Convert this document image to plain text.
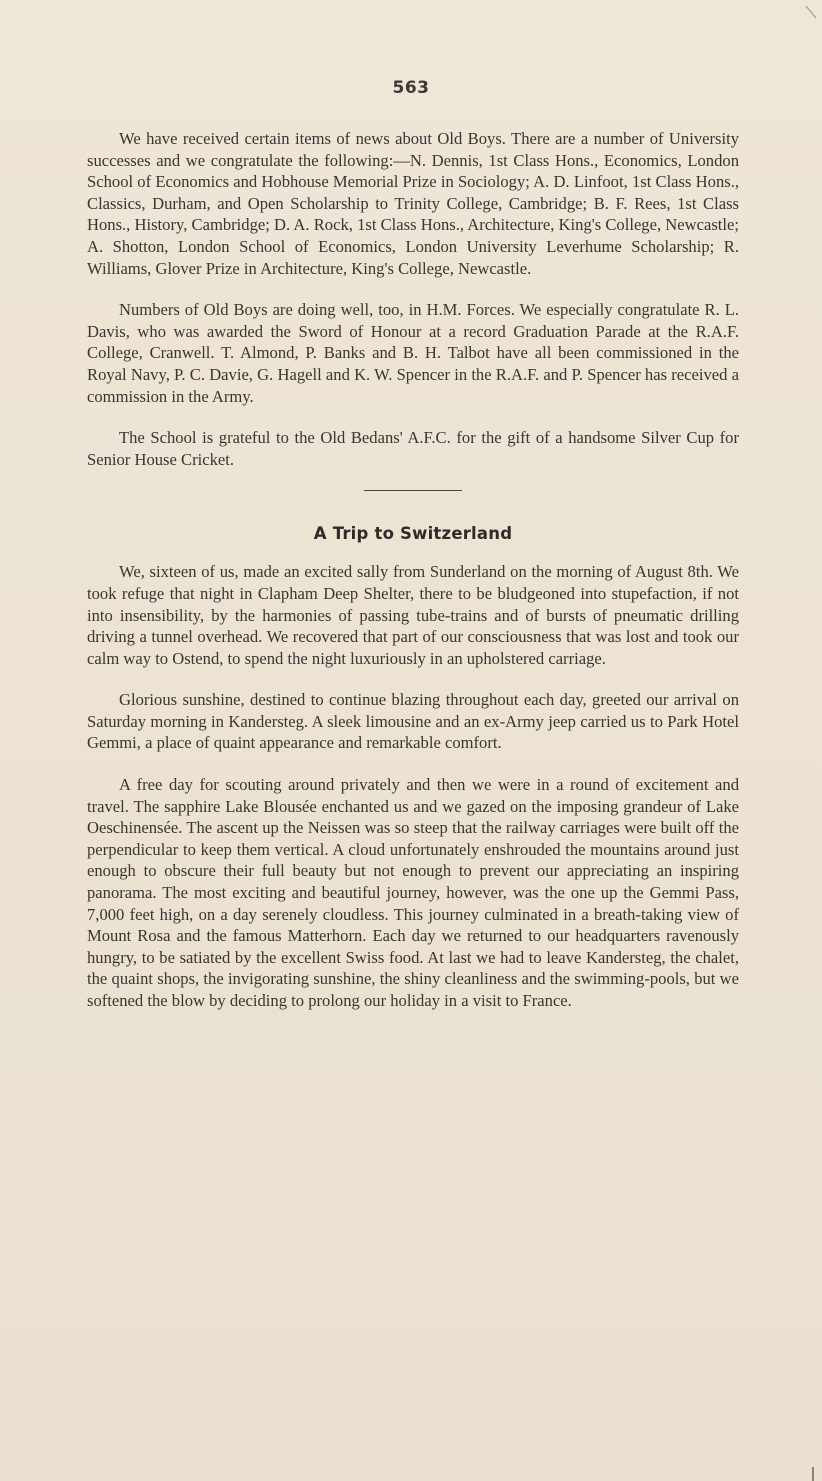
563

We have received certain items of news about Old Boys. There are a number of University successes and we congratulate the following:—N. Dennis, 1st Class Hons., Economics, London School of Economics and Hobhouse Memorial Prize in Sociology; A. D. Linfoot, 1st Class Hons., Classics, Durham, and Open Scholarship to Trinity College, Cambridge; B. F. Rees, 1st Class Hons., History, Cambridge; D. A. Rock, 1st Class Hons., Architecture, King's College, Newcastle; A. Shotton, London School of Economics, London University Leverhume Scholarship; R. Williams, Glover Prize in Architecture, King's College, Newcastle.

Numbers of Old Boys are doing well, too, in H.M. Forces. We especially congratulate R. L. Davis, who was awarded the Sword of Honour at a record Graduation Parade at the R.A.F. College, Cranwell. T. Almond, P. Banks and B. H. Talbot have all been commissioned in the Royal Navy, P. C. Davie, G. Hagell and K. W. Spencer in the R.A.F. and P. Spencer has received a commission in the Army.

The School is grateful to the Old Bedans' A.F.C. for the gift of a handsome Silver Cup for Senior House Cricket.

A Trip to Switzerland

We, sixteen of us, made an excited sally from Sunderland on the morning of August 8th. We took refuge that night in Clapham Deep Shelter, there to be bludgeoned into stupefaction, if not into insensibility, by the harmonies of passing tube-trains and of bursts of pneumatic drilling driving a tunnel overhead. We recovered that part of our consciousness that was lost and took our calm way to Ostend, to spend the night luxuriously in an upholstered carriage.

Glorious sunshine, destined to continue blazing throughout each day, greeted our arrival on Saturday morning in Kandersteg. A sleek limousine and an ex-Army jeep carried us to Park Hotel Gemmi, a place of quaint appearance and remarkable comfort.

A free day for scouting around privately and then we were in a round of excitement and travel. The sapphire Lake Blousée enchanted us and we gazed on the imposing grandeur of Lake Oeschinensée. The ascent up the Neissen was so steep that the railway carriages were built off the perpendicular to keep them vertical. A cloud unfortunately enshrouded the mountains around just enough to obscure their full beauty but not enough to prevent our appreciating an inspiring panorama. The most exciting and beautiful journey, however, was the one up the Gemmi Pass, 7,000 feet high, on a day serenely cloudless. This journey culminated in a breath-taking view of Mount Rosa and the famous Matterhorn. Each day we returned to our headquarters ravenously hungry, to be satiated by the excellent Swiss food. At last we had to leave Kandersteg, the chalet, the quaint shops, the invigorating sunshine, the shiny cleanliness and the swimming-pools, but we softened the blow by deciding to prolong our holiday in a visit to France.
